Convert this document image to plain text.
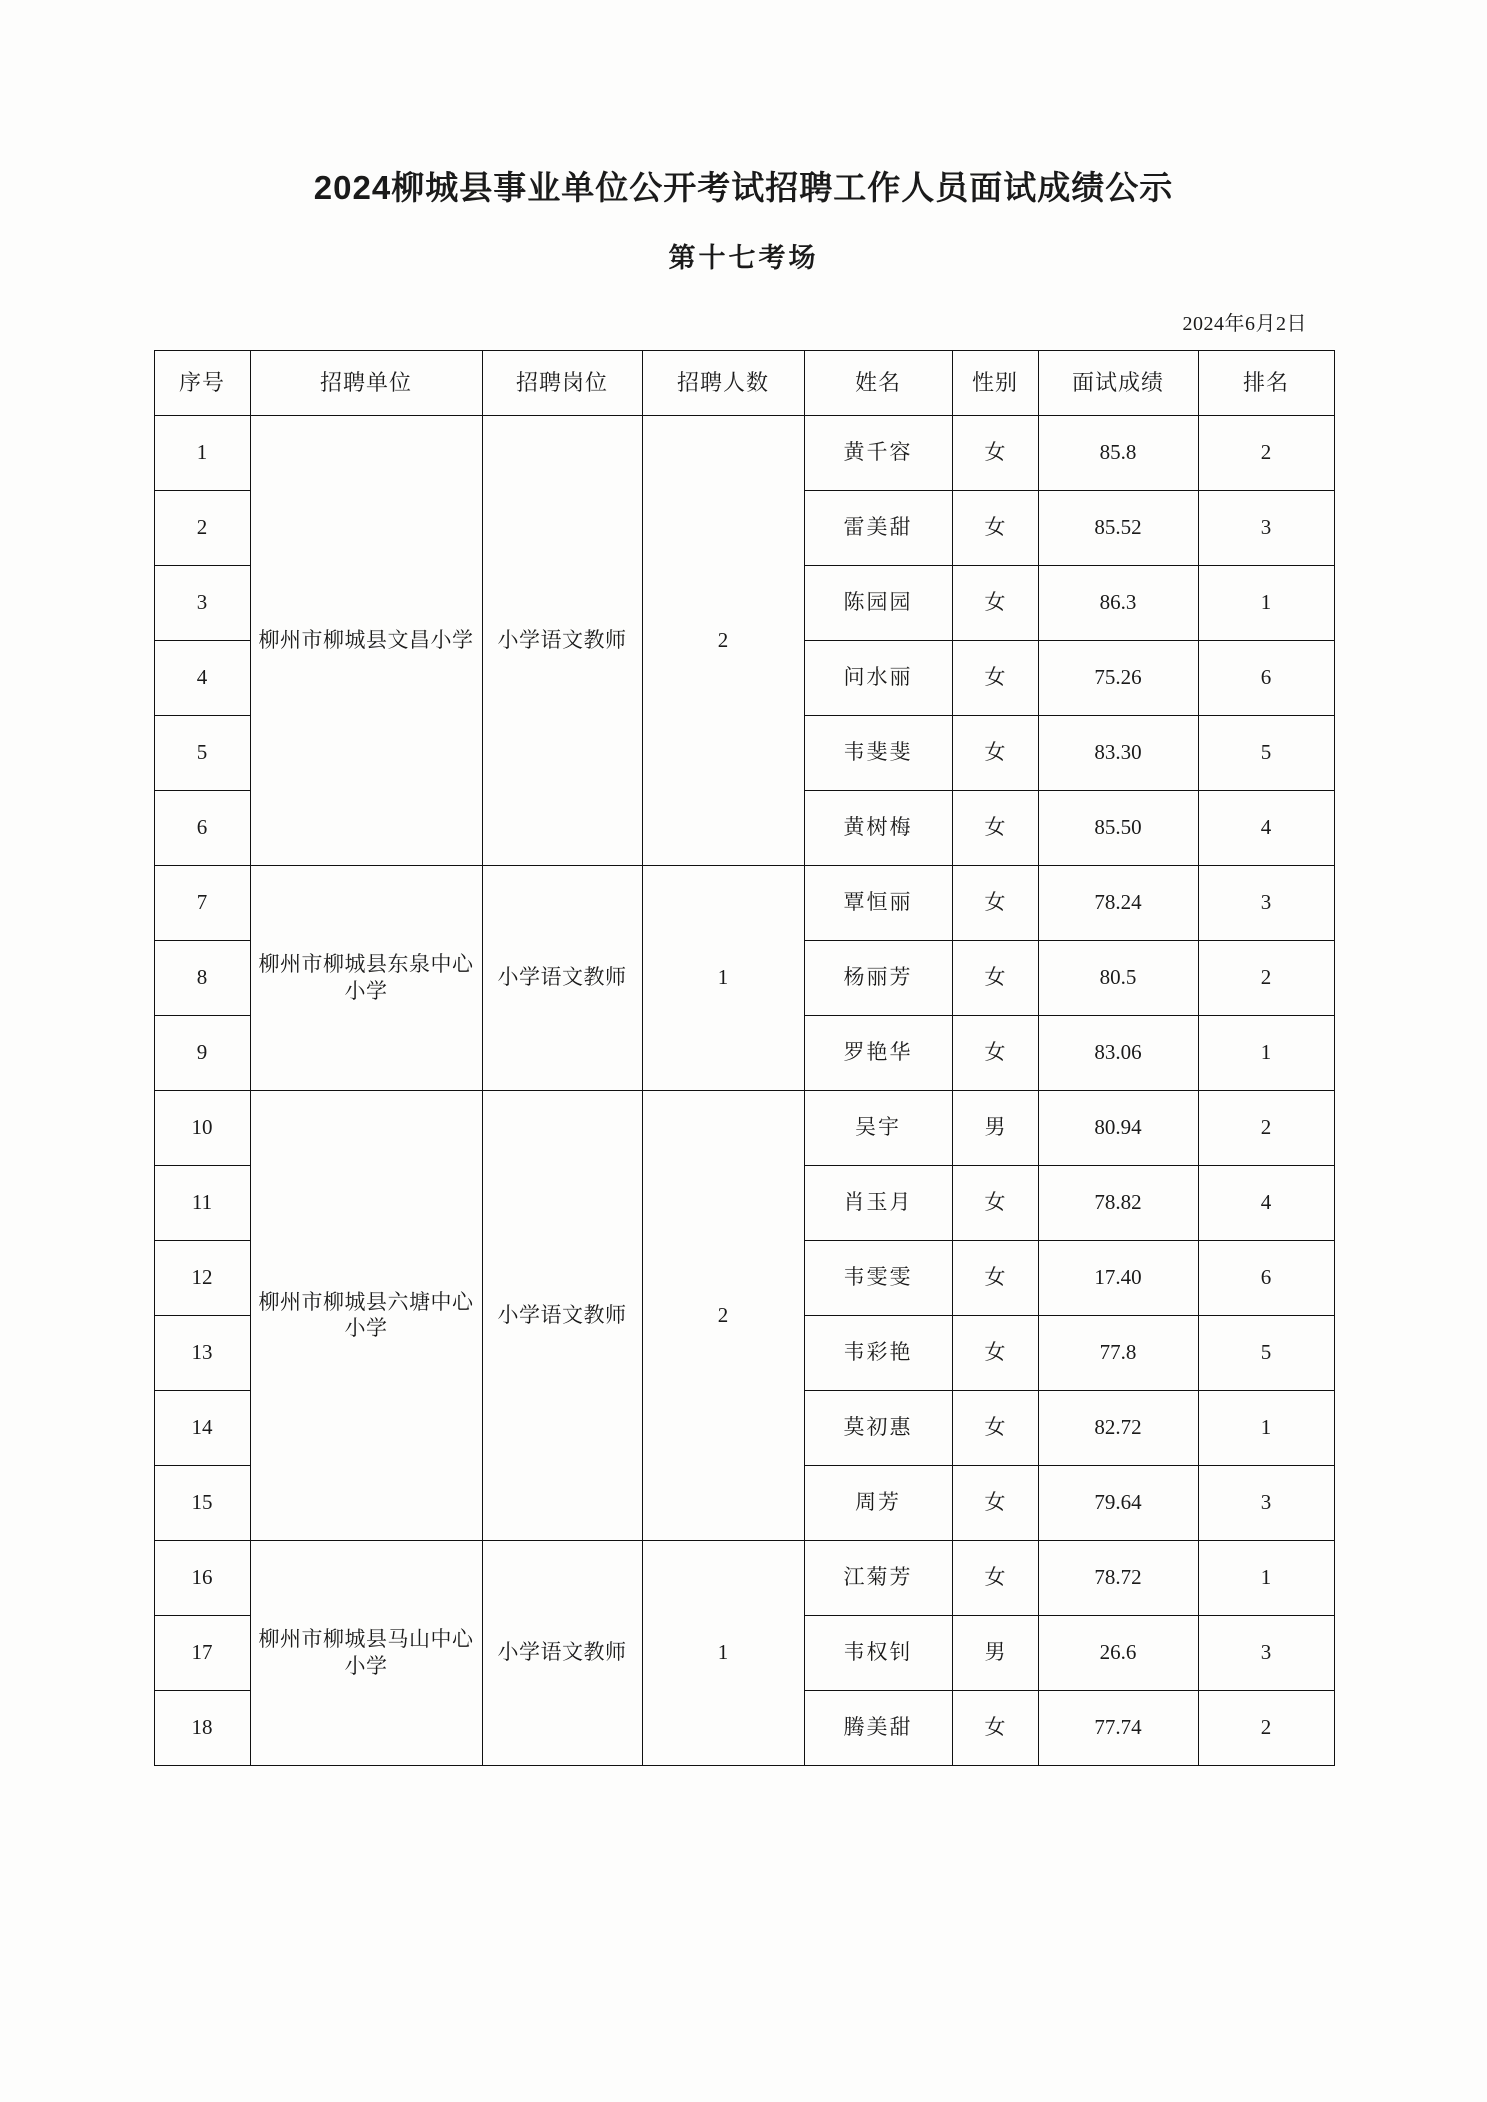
2024柳城县事业单位公开考试招聘工作人员面试成绩公示
第十七考场
2024年6月2日
序号	招聘单位	招聘岗位	招聘人数	姓名	性别	面试成绩	排名
1	柳州市柳城县文昌小学	小学语文教师	2	黄千容	女	85.8	2
2				雷美甜	女	85.52	3
3				陈园园	女	86.3	1
4				问水丽	女	75.26	6
5				韦斐斐	女	83.30	5
6				黄树梅	女	85.50	4
7	柳州市柳城县东泉中心小学	小学语文教师	1	覃恒丽	女	78.24	3
8				杨丽芳	女	80.5	2
9				罗艳华	女	83.06	1
10	柳州市柳城县六塘中心小学	小学语文教师	2	吴宇	男	80.94	2
11				肖玉月	女	78.82	4
12				韦雯雯	女	17.40	6
13				韦彩艳	女	77.8	5
14				莫初惠	女	82.72	1
15				周芳	女	79.64	3
16	柳州市柳城县马山中心小学	小学语文教师	1	江菊芳	女	78.72	1
17				韦权钊	男	26.6	3
18				腾美甜	女	77.74	2
